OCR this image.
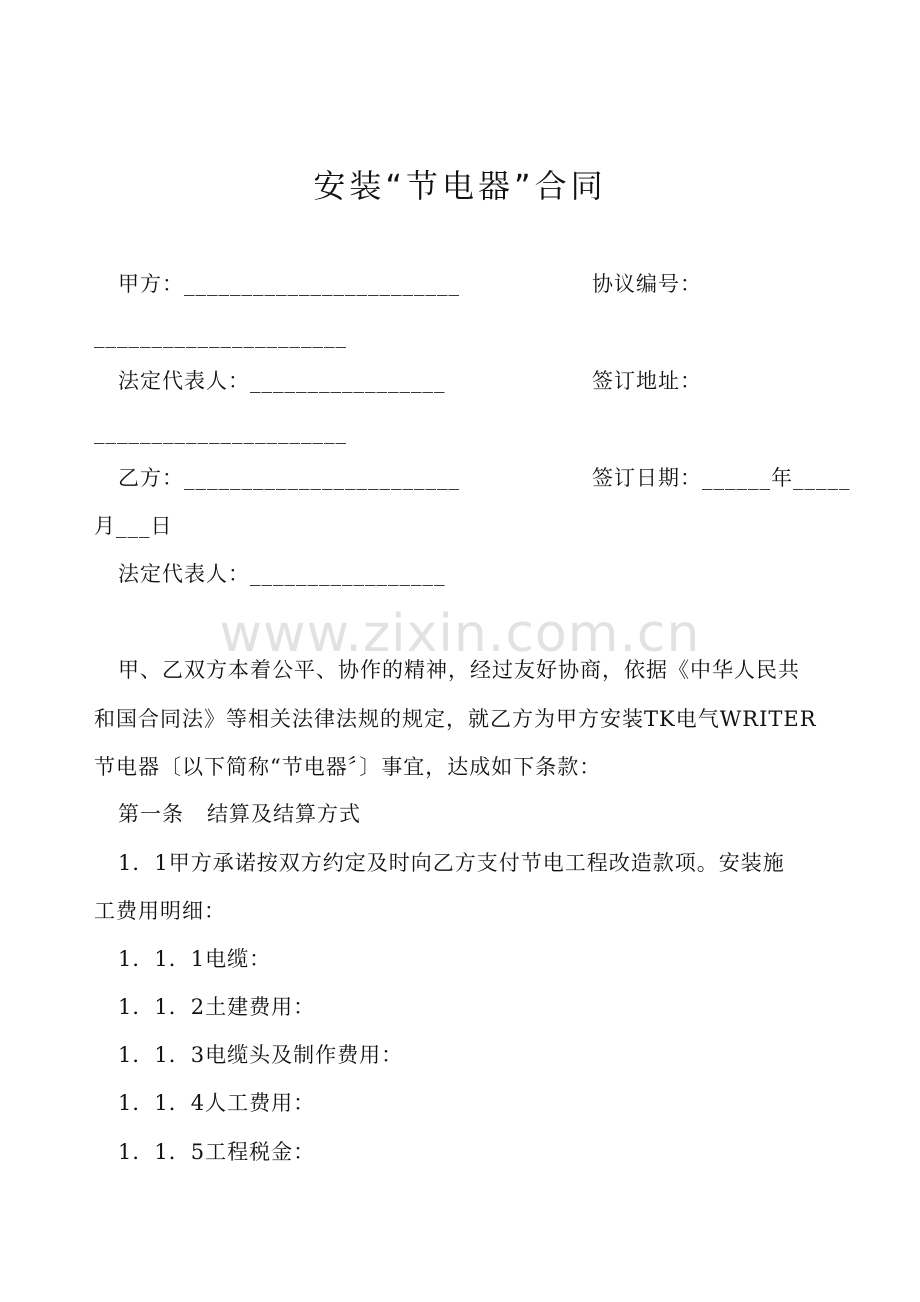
安装“节电器”合同
甲方：________________________	协议编号：
______________________
法定代表人：_________________	签订地址：
______________________
乙方：________________________	签订日期：______年_____
月___日
法定代表人：_________________
www.zixin.com.cn
甲、乙双方本着公平、协作的精神，经过友好协商，依据《中华人民共
和国合同法》等相关法律法规的规定，就乙方为甲方安装TK电气WRITER
节电器〔以下简称“节电器〞〕事宜，达成如下条款：
第一条   结算及结算方式
1．1甲方承诺按双方约定及时向乙方支付节电工程改造款项。安装施
工费用明细：
1．1．1电缆：
1．1．2土建费用：
1．1．3电缆头及制作费用：
1．1．4人工费用：
1．1．5工程税金：
